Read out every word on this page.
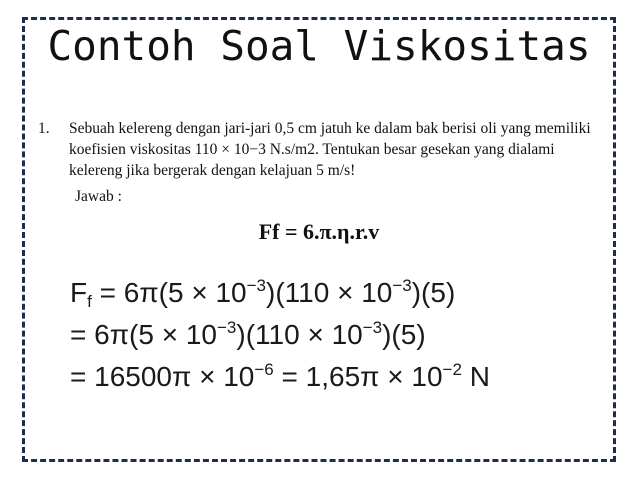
Contoh Soal Viskositas
1. Sebuah kelereng dengan jari-jari 0,5 cm jatuh ke dalam bak berisi oli yang memiliki koefisien viskositas 110 × 10−3 N.s/m2. Tentukan besar gesekan yang dialami kelereng jika bergerak dengan kelajuan 5 m/s!
Jawab :
Ff = 6.π.η.r.v
$F_f = 6\pi(5 \times 10^{-3})(110 \times 10^{-3})(5)$
= $6\pi(5 \times 10^{-3})(110 \times 10^{-3})(5)$
= $16500\pi \times 10^{-6} = 1,65\pi \times 10^{-2}$ N
